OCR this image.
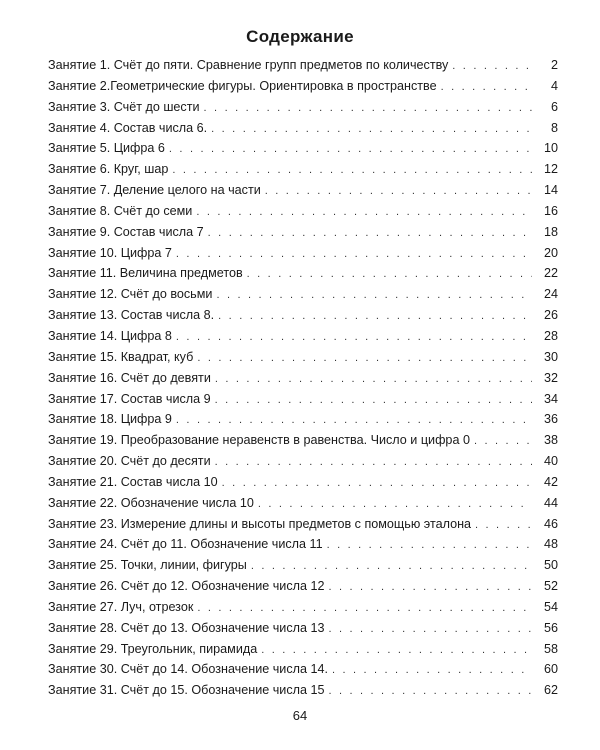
Содержание
Занятие 1. Счёт до пяти. Сравнение групп предметов по количеству . . .	2
Занятие 2.Геометрические фигуры. Ориентировка в пространстве . . .	4
Занятие 3. Счёт до шести . . .	6
Занятие 4. Состав числа 6. . . .	8
Занятие 5. Цифра 6 . . .	10
Занятие 6. Круг, шар . . .	12
Занятие 7. Деление целого на части . . .	14
Занятие 8. Счёт до семи . . .	16
Занятие 9. Состав числа 7 . . .	18
Занятие 10. Цифра 7 . . .	20
Занятие 11. Величина предметов . . .	22
Занятие 12. Счёт до восьми . . .	24
Занятие 13. Состав числа 8. . . .	26
Занятие 14. Цифра 8 . . .	28
Занятие 15. Квадрат, куб . . .	30
Занятие 16. Счёт до девяти . . .	32
Занятие 17. Состав числа 9 . . .	34
Занятие 18. Цифра 9 . . .	36
Занятие 19. Преобразование неравенств в равенства. Число и цифра 0 . . .	38
Занятие 20. Счёт до десяти . . .	40
Занятие 21. Состав числа 10 . . .	42
Занятие 22. Обозначение числа 10 . . .	44
Занятие 23. Измерение длины и высоты предметов с помощью эталона . . .	46
Занятие 24. Счёт до 11. Обозначение числа 11 . . .	48
Занятие 25. Точки, линии, фигуры . . .	50
Занятие 26. Счёт до 12. Обозначение числа 12 . . .	52
Занятие 27. Луч, отрезок . . .	54
Занятие 28. Счёт до 13. Обозначение числа 13 . . .	56
Занятие 29. Треугольник, пирамида . . .	58
Занятие 30. Счёт до 14. Обозначение числа 14. . . .	60
Занятие 31. Счёт до 15. Обозначение числа 15 . . .	62
64
